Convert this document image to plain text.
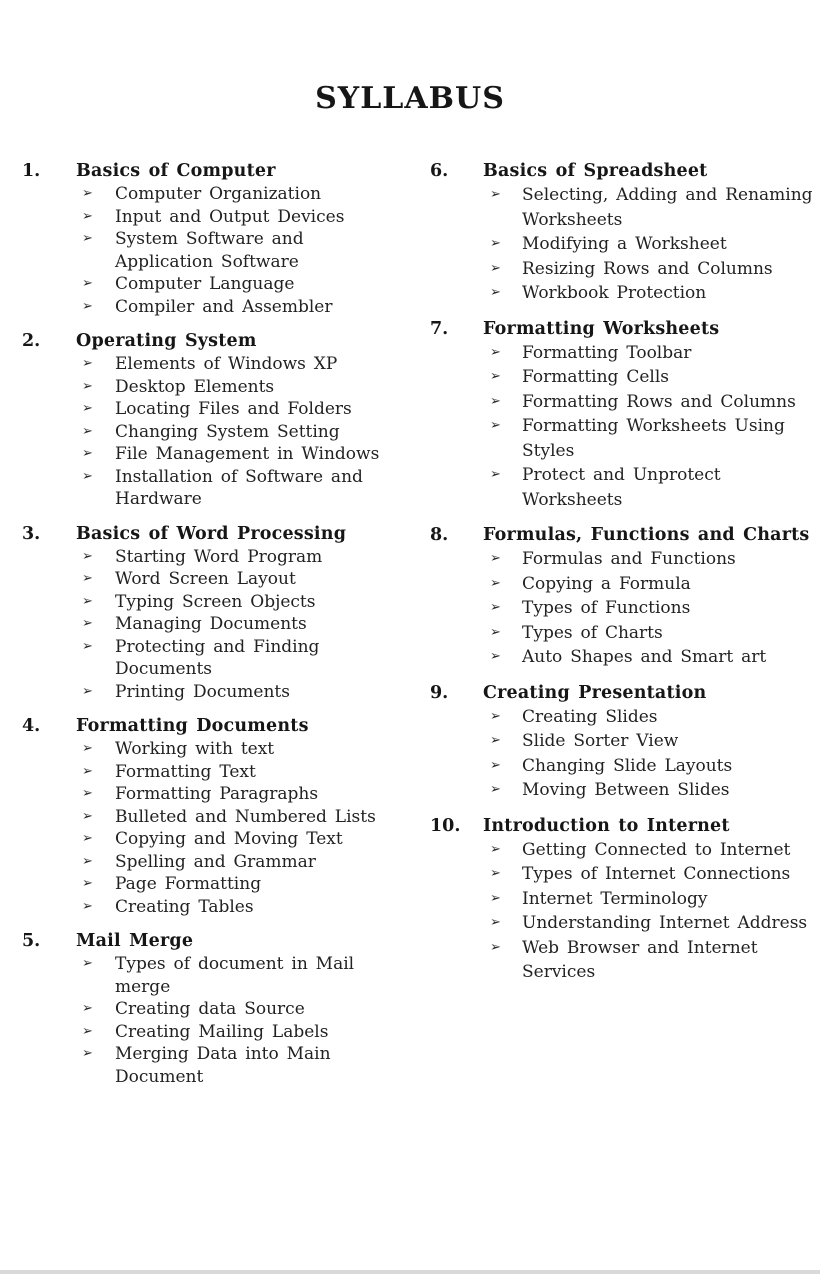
SYLLABUS
1.	Basics of Computer
➢	Computer Organization
➢	Input and Output Devices
➢	System Software and Application Software
➢	Computer Language
➢	Compiler and Assembler
2.	Operating System
➢	Elements of Windows XP
➢	Desktop Elements
➢	Locating Files and Folders
➢	Changing System Setting
➢	File Management in Windows
➢	Installation of Software and Hardware
3.	Basics of Word Processing
➢	Starting Word Program
➢	Word Screen Layout
➢	Typing Screen Objects
➢	Managing Documents
➢	Protecting and Finding Documents
➢	Printing Documents
4.	Formatting Documents
➢	Working with text
➢	Formatting Text
➢	Formatting Paragraphs
➢	Bulleted and Numbered Lists
➢	Copying and Moving Text
➢	Spelling and Grammar
➢	Page Formatting
➢	Creating Tables
5.	Mail Merge
➢	Types of document in Mail merge
➢	Creating data Source
➢	Creating Mailing Labels
➢	Merging Data into Main Document
6.	Basics of Spreadsheet
➢	Selecting, Adding and Renaming Worksheets
➢	Modifying a Worksheet
➢	Resizing Rows and Columns
➢	Workbook Protection
7.	Formatting Worksheets
➢	Formatting Toolbar
➢	Formatting Cells
➢	Formatting Rows and Columns
➢	Formatting Worksheets Using Styles
➢	Protect and Unprotect Worksheets
8.	Formulas, Functions and Charts
➢	Formulas and Functions
➢	Copying a Formula
➢	Types of Functions
➢	Types of Charts
➢	Auto Shapes and Smart art
9.	Creating Presentation
➢	Creating Slides
➢	Slide Sorter View
➢	Changing Slide Layouts
➢	Moving Between Slides
10.	Introduction to Internet
➢	Getting Connected to Internet
➢	Types of Internet Connections
➢	Internet Terminology
➢	Understanding Internet Address
➢	Web Browser and Internet Services
